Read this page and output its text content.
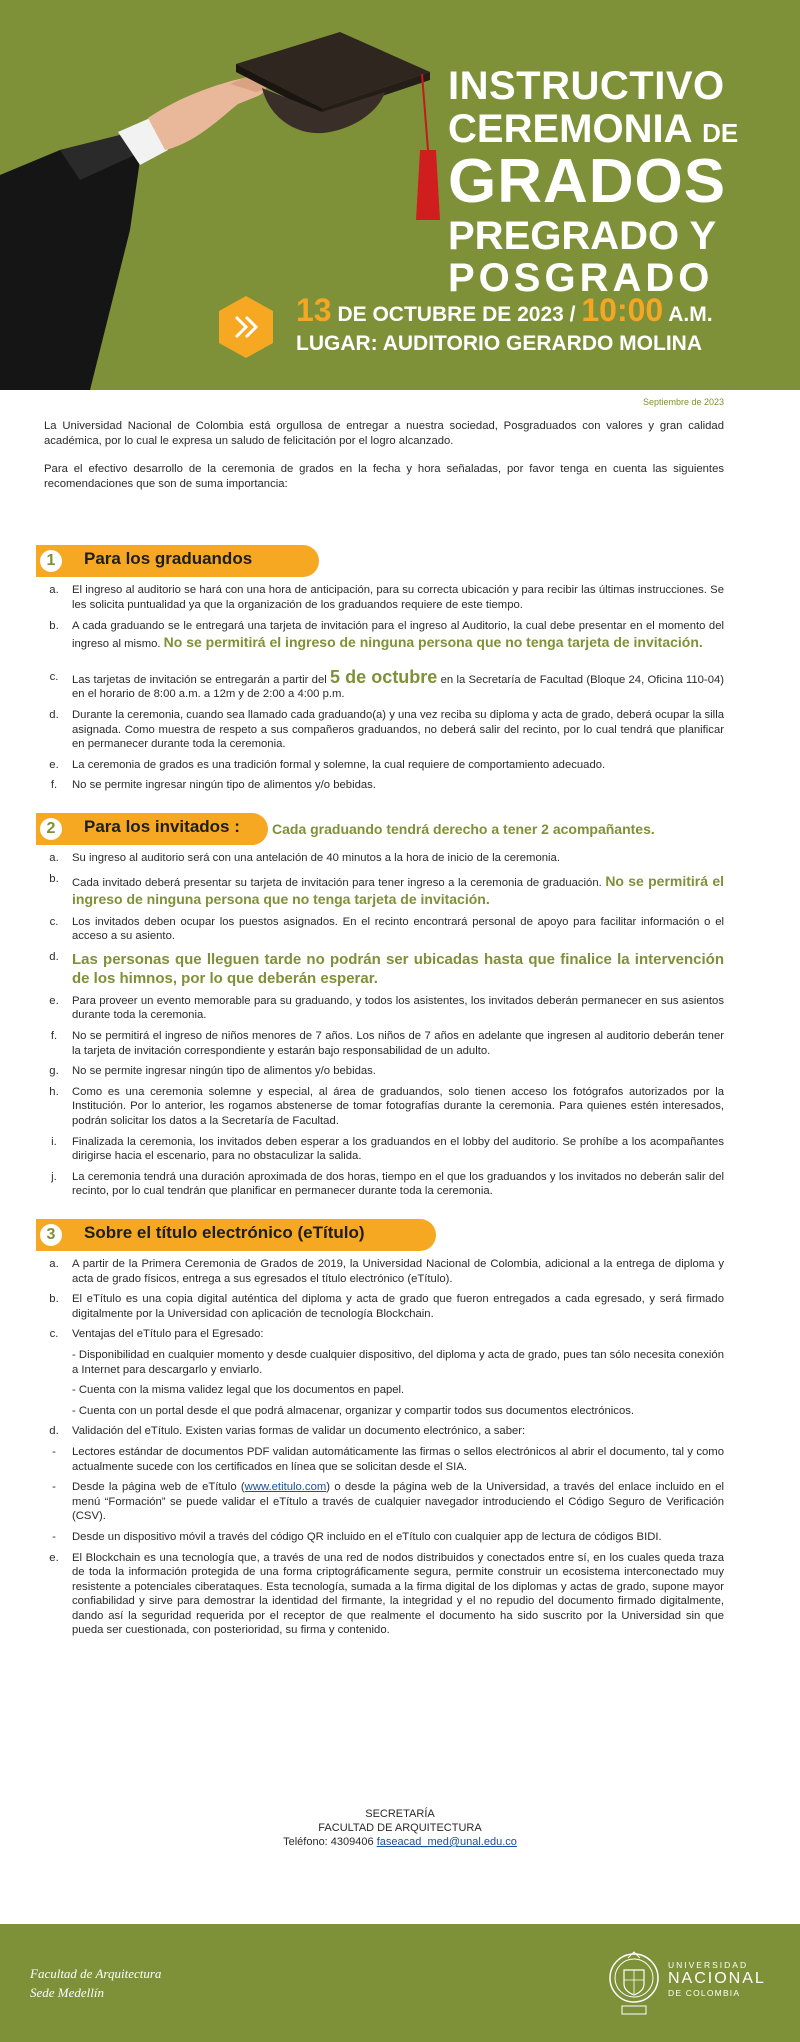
INSTRUCTIVO
CEREMONIA DE
GRADOS
PREGRADO Y
POSGRADO
13 DE OCTUBRE DE 2023 / 10:00 A.M.
LUGAR: AUDITORIO GERARDO MOLINA
Septiembre de 2023

La Universidad Nacional de Colombia está orgullosa de entregar a nuestra sociedad, Posgraduados con valores y gran calidad académica, por lo cual le expresa un saludo de felicitación por el logro alcanzado.

Para el efectivo desarrollo de la ceremonia de grados en la fecha y hora señaladas, por favor tenga en cuenta las siguientes recomendaciones que son de suma importancia:

1	Para los graduandos
a.	El ingreso al auditorio se hará con una hora de anticipación, para su correcta ubicación y para recibir las últimas instrucciones. Se les solicita puntualidad ya que la organización de los graduandos requiere de este tiempo.
b.	A cada graduando se le entregará una tarjeta de invitación para el ingreso al Auditorio, la cual debe presentar en el momento del ingreso al mismo. No se permitirá el ingreso de ninguna persona que no tenga tarjeta de invitación.
c.	Las tarjetas de invitación se entregarán a partir del 5 de octubre en la Secretaría de Facultad (Bloque 24, Oficina 110-04) en el horario de 8:00 a.m. a 12m y de 2:00 a 4:00 p.m.
d.	Durante la ceremonia, cuando sea llamado cada graduando(a) y una vez reciba su diploma y acta de grado, deberá ocupar la silla asignada. Como muestra de respeto a sus compañeros graduandos, no deberá salir del recinto, por lo cual tendrá que planificar en permanecer durante toda la ceremonia.
e.	La ceremonia de grados es una tradición formal y solemne, la cual requiere de comportamiento adecuado.
f.	No se permite ingresar ningún tipo de alimentos y/o bebidas.
2	Para los invitados : Cada graduando tendrá derecho a tener 2 acompañantes.
a.	Su ingreso al auditorio será con una antelación de 40 minutos a la hora de inicio de la ceremonia.
b.	Cada invitado deberá presentar su tarjeta de invitación para tener ingreso a la ceremonia de graduación. No se permitirá el ingreso de ninguna persona que no tenga tarjeta de invitación.
c.	Los invitados deben ocupar los puestos asignados. En el recinto encontrará personal de apoyo para facilitar información o el acceso a su asiento.
d. Las personas que lleguen tarde no podrán ser ubicadas hasta que finalice la intervención de los himnos, por lo que deberán esperar.
e.	Para proveer un evento memorable para su graduando, y todos los asistentes, los invitados deberán permanecer en sus asientos durante toda la ceremonia.
f.	No se permitirá el ingreso de niños menores de 7 años. Los niños de 7 años en adelante que ingresen al auditorio deberán tener la tarjeta de invitación correspondiente y estarán bajo responsabilidad de un adulto.
g.	No se permite ingresar ningún tipo de alimentos y/o bebidas.
h.	Como es una ceremonia solemne y especial, al área de graduandos, solo tienen acceso los fotógrafos autorizados por la Institución. Por lo anterior, les rogamos abstenerse de tomar fotografías durante la ceremonia. Para quienes estén interesados, podrán solicitar los datos a la Secretaría de Facultad.
i.	Finalizada la ceremonia, los invitados deben esperar a los graduandos en el lobby del auditorio. Se prohíbe a los acompañantes dirigirse hacia el escenario, para no obstaculizar la salida.
j.	La ceremonia tendrá una duración aproximada de dos horas, tiempo en el que los graduandos y los invitados no deberán salir del recinto, por lo cual tendrán que planificar en permanecer durante toda la ceremonia.
3	Sobre el título electrónico (eTítulo)
a.	A partir de la Primera Ceremonia de Grados de 2019, la Universidad Nacional de Colombia, adicional a la entrega de diploma y acta de grado físicos, entrega a sus egresados el título electrónico (eTítulo).
b.	El eTítulo es una copia digital auténtica del diploma y acta de grado que fueron entregados a cada egresado, y será firmado digitalmente por la Universidad con aplicación de tecnología Blockchain.
c.	Ventajas del eTítulo para el Egresado:
- Disponibilidad en cualquier momento y desde cualquier dispositivo, del diploma y acta de grado, pues tan sólo necesita conexión a Internet para descargarlo y enviarlo.
- Cuenta con la misma validez legal que los documentos en papel.
- Cuenta con un portal desde el que podrá almacenar, organizar y compartir todos sus documentos electrónicos.
d.	Validación del eTítulo. Existen varias formas de validar un documento electrónico, a saber:
-	Lectores estándar de documentos PDF validan automáticamente las firmas o sellos electrónicos al abrir el documento, tal y como actualmente sucede con los certificados en línea que se solicitan desde el SIA.
-	Desde la página web de eTítulo (www.etitulo.com) o desde la página web de la Universidad, a través del enlace incluido en el menú “Formación” se puede validar el eTítulo a través de cualquier navegador introduciendo el Código Seguro de Verificación (CSV).
-	Desde un dispositivo móvil a través del código QR incluido en el eTítulo con cualquier app de lectura de códigos BIDI.
e.	El Blockchain es una tecnología que, a través de una red de nodos distribuidos y conectados entre sí, en los cuales queda traza de toda la información protegida de una forma criptográficamente segura, permite construir un ecosistema interconectado muy resistente a potenciales ciberataques. Esta tecnología, sumada a la firma digital de los diplomas y actas de grado, supone mayor confiabilidad y sirve para demostrar la identidad del firmante, la integridad y el no repudio del documento firmado digitalmente, dando así la seguridad requerida por el receptor de que realmente el documento ha sido suscrito por la Universidad sin que pueda ser cuestionada, con posterioridad, su firma y contenido.
SECRETARÍA
FACULTAD DE ARQUITECTURA
Teléfono: 4309406 faseacad_med@unal.edu.co
Facultad de Arquitectura
Sede Medellín
UNIVERSIDAD
NACIONAL
DE COLOMBIA
